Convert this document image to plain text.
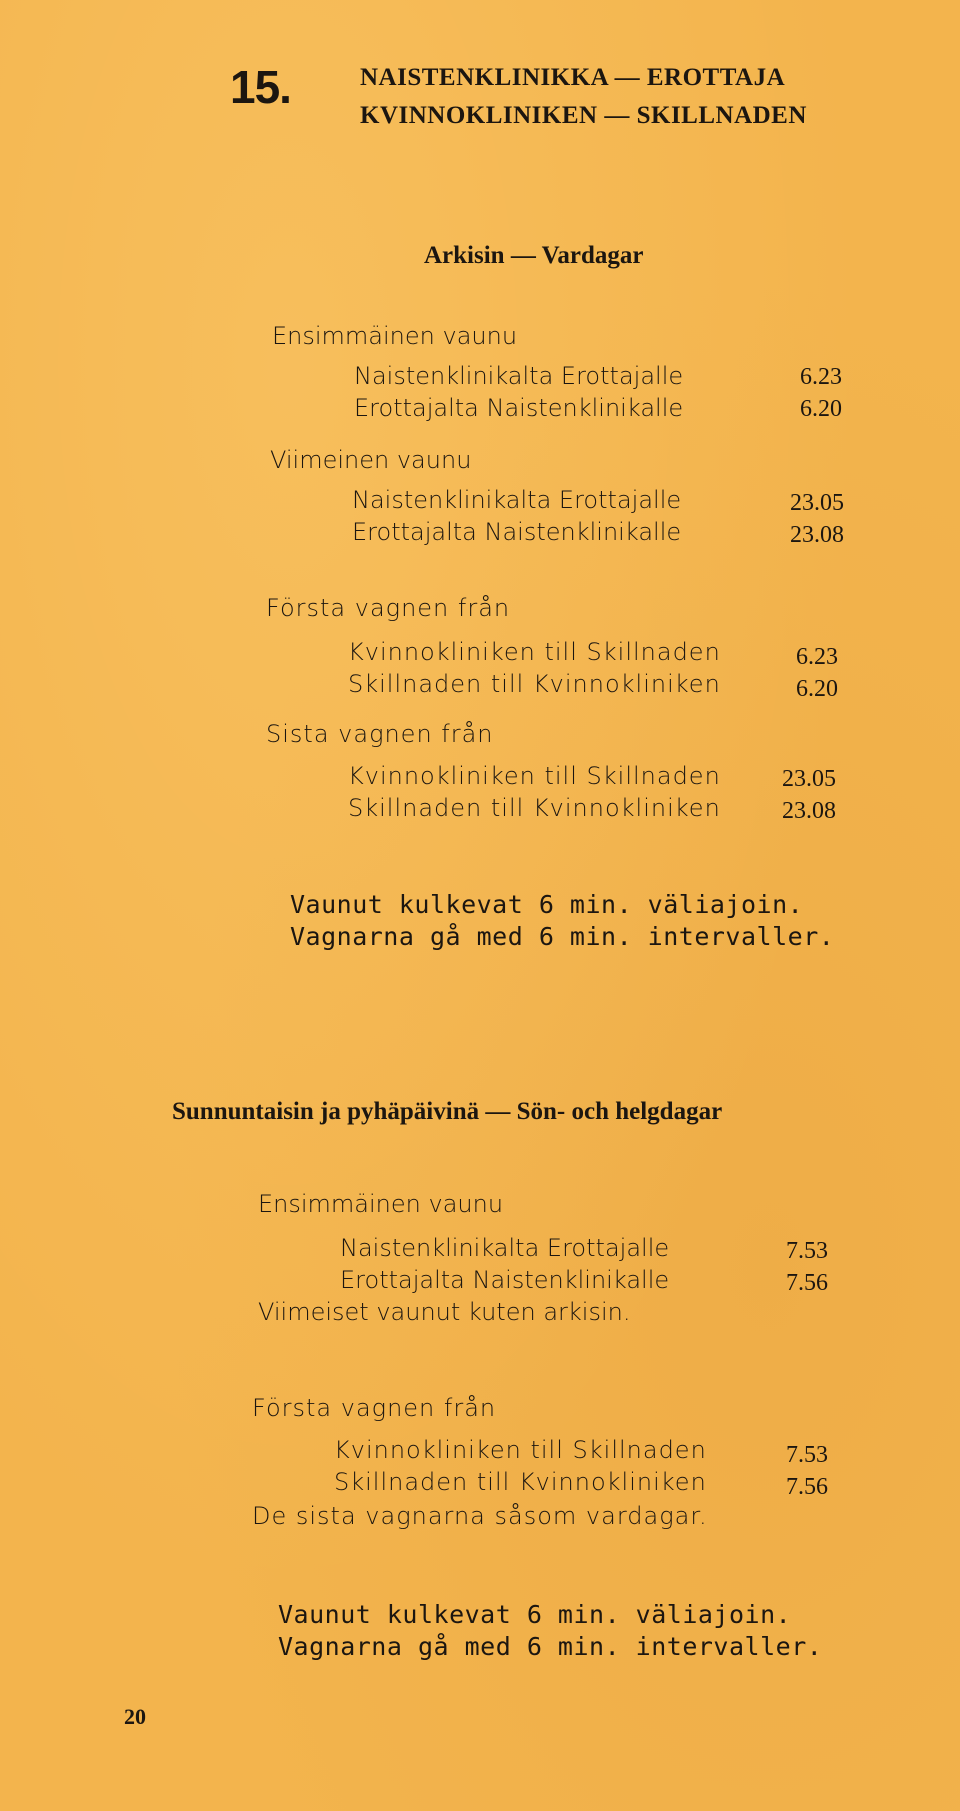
15.	NAISTENKLINIKKA — EROTTAJA
KVINNOKLINIKEN — SKILLNADEN
Arkisin — Vardagar
Ensimmäinen vaunu
Naistenklinikalta Erottajalle	6.23
Erottajalta Naistenklinikalle	6.20
Viimeinen vaunu
Naistenklinikalta Erottajalle	23.05
Erottajalta Naistenklinikalle	23.08
Första vagnen från
Kvinnokliniken till Skillnaden	6.23
Skillnaden till Kvinnokliniken	6.20
Sista vagnen från
Kvinnokliniken till Skillnaden	23.05
Skillnaden till Kvinnokliniken	23.08
Vaunut kulkevat 6 min. väliajoin.
Vagnarna gå med 6 min. intervaller.
Sunnuntaisin ja pyhäpäivinä — Sön- och helgdagar
Ensimmäinen vaunu
Naistenklinikalta Erottajalle	7.53
Erottajalta Naistenklinikalle	7.56
Viimeiset vaunut kuten arkisin.
Första vagnen från
Kvinnokliniken till Skillnaden	7.53
Skillnaden till Kvinnokliniken	7.56
De sista vagnarna såsom vardagar.
Vaunut kulkevat 6 min. väliajoin.
Vagnarna gå med 6 min. intervaller.
20
